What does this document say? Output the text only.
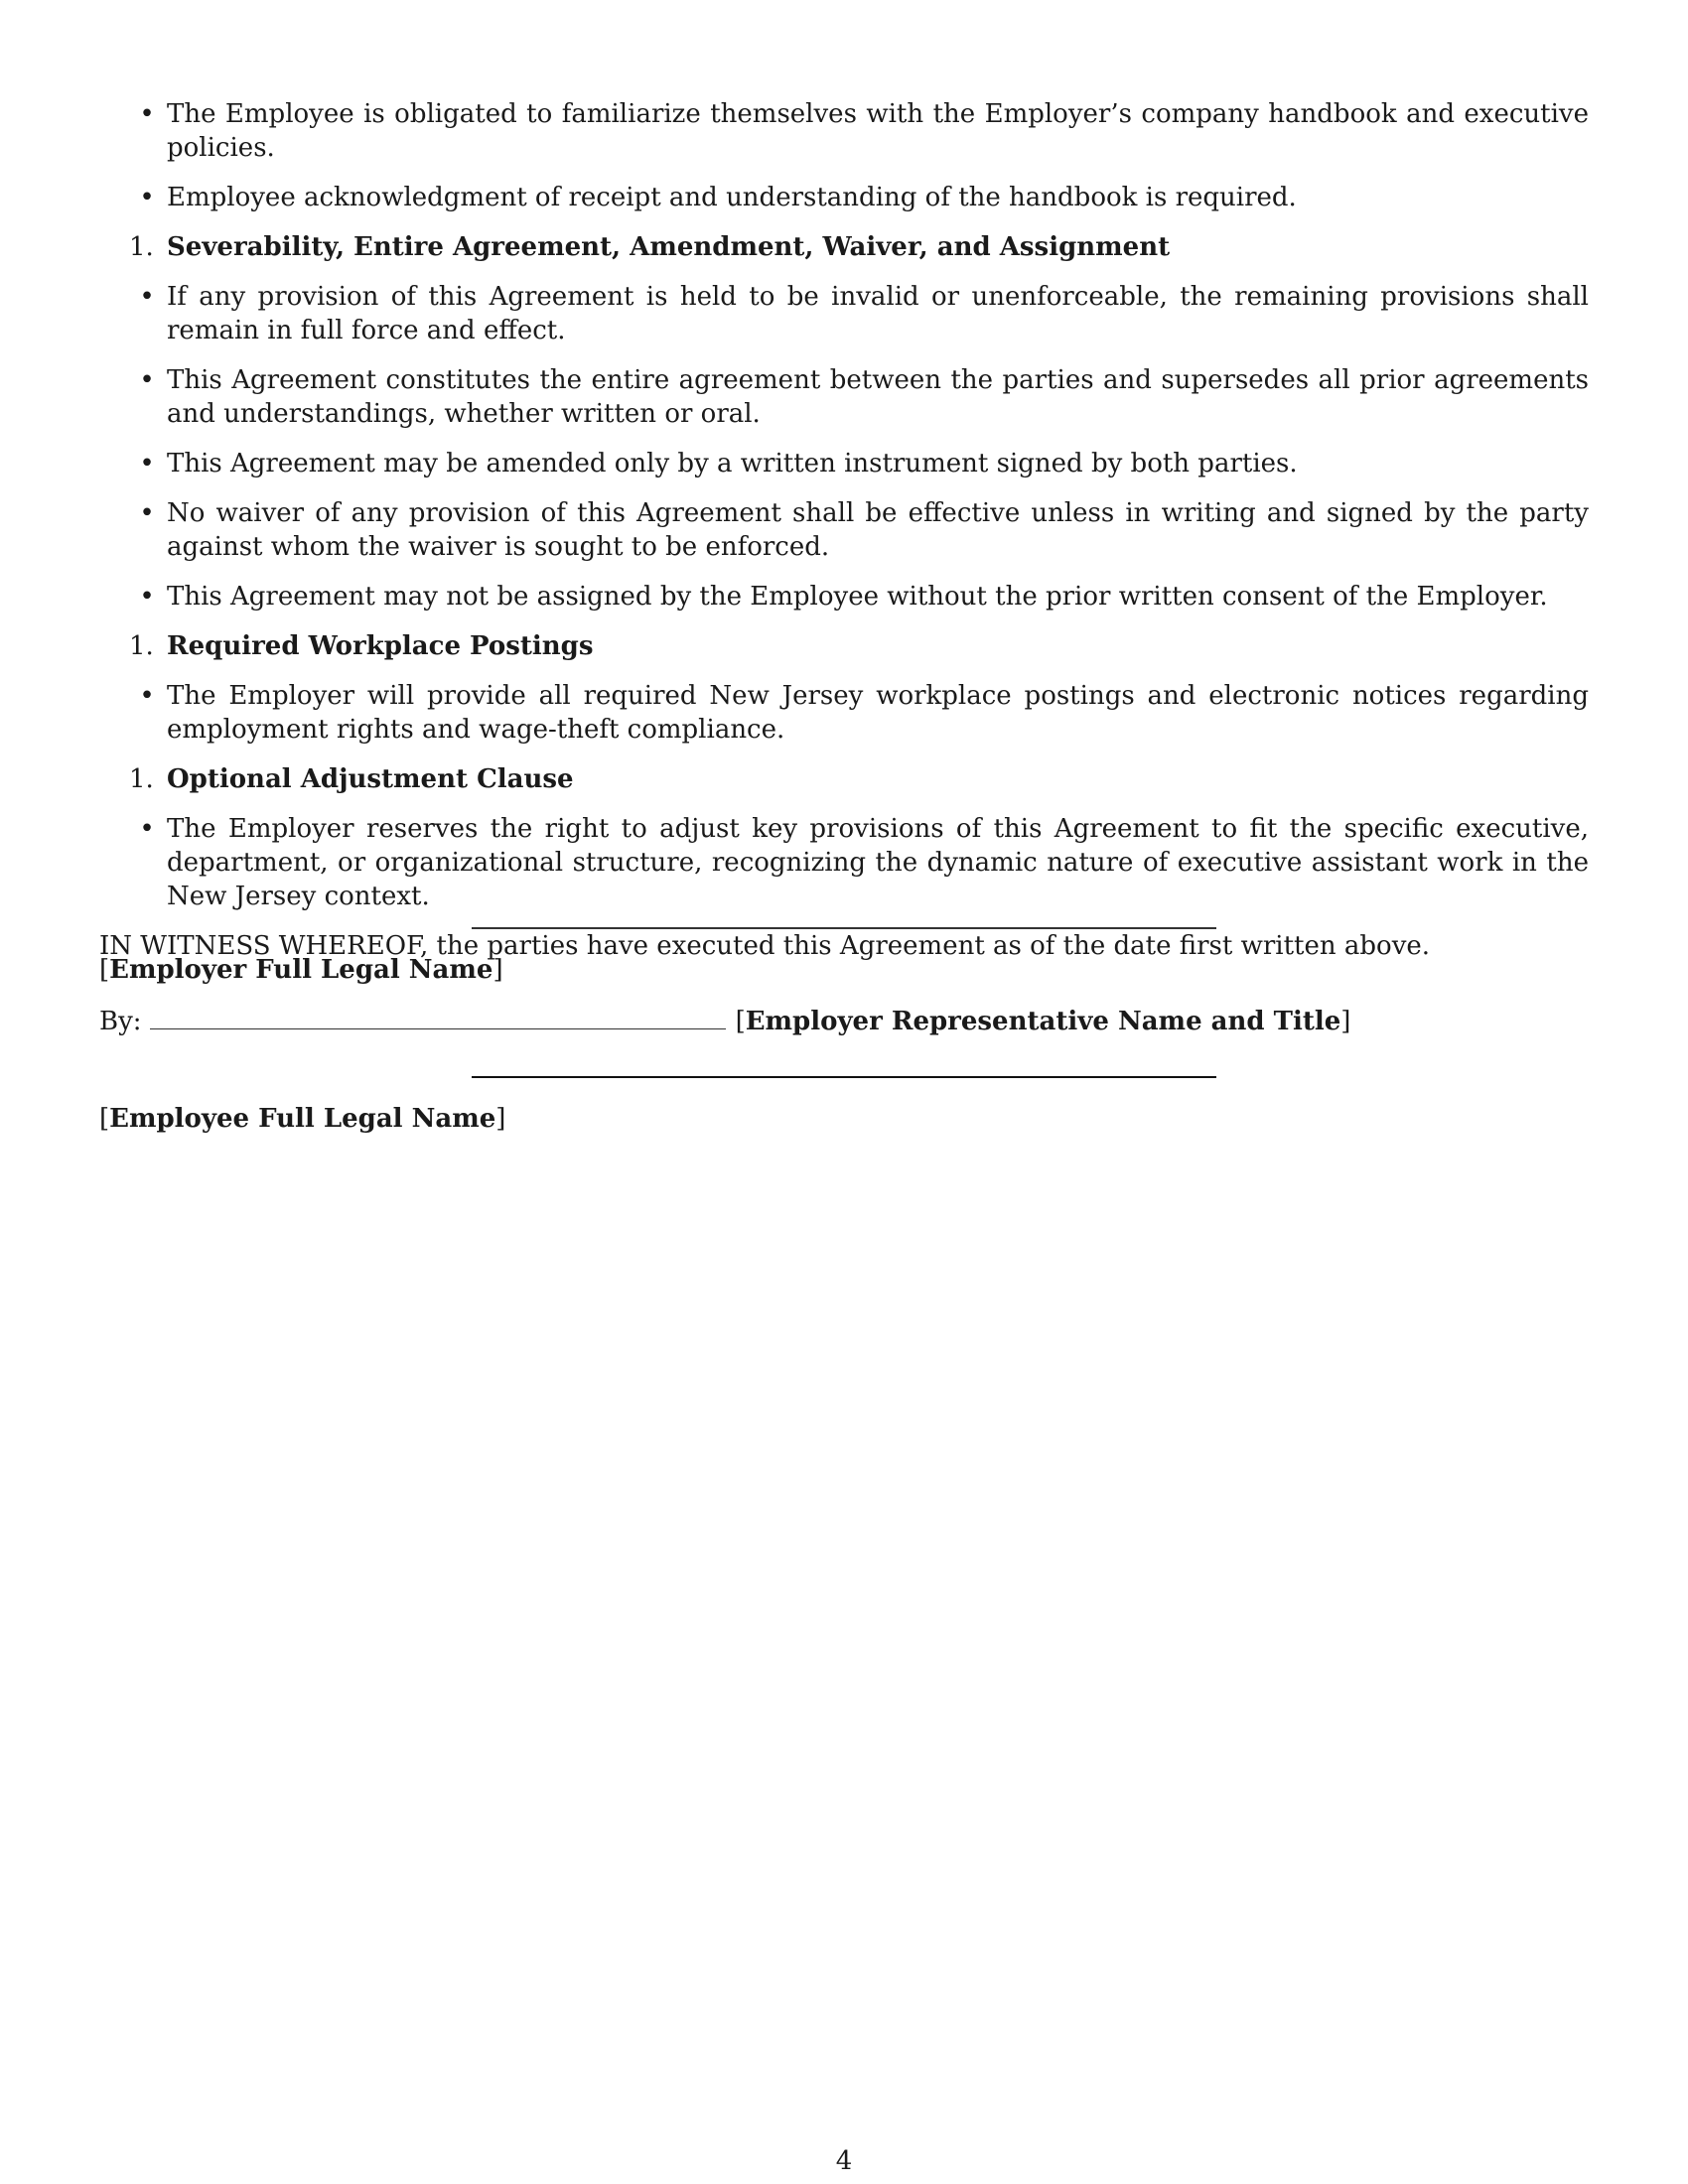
• The Employee is obligated to familiarize themselves with the Employer’s company handbook and executive policies.
• Employee acknowledgment of receipt and understanding of the handbook is required.
1. Severability, Entire Agreement, Amendment, Waiver, and Assignment
• If any provision of this Agreement is held to be invalid or unenforceable, the remaining provisions shall remain in full force and effect.
• This Agreement constitutes the entire agreement between the parties and supersedes all prior agreements and understandings, whether written or oral.
• This Agreement may be amended only by a written instrument signed by both parties.
• No waiver of any provision of this Agreement shall be effective unless in writing and signed by the party against whom the waiver is sought to be enforced.
• This Agreement may not be assigned by the Employee without the prior written consent of the Employer.
1. Required Workplace Postings
• The Employer will provide all required New Jersey workplace postings and electronic notices regarding employment rights and wage-theft compliance.
1. Optional Adjustment Clause
• The Employer reserves the right to adjust key provisions of this Agreement to fit the specific executive, department, or organizational structure, recognizing the dynamic nature of executive assistant work in the New Jersey context.
IN WITNESS WHEREOF, the parties have executed this Agreement as of the date first written above.
[Employer Full Legal Name]
By:	[Employer Representative Name and Title]
[Employee Full Legal Name]
4
